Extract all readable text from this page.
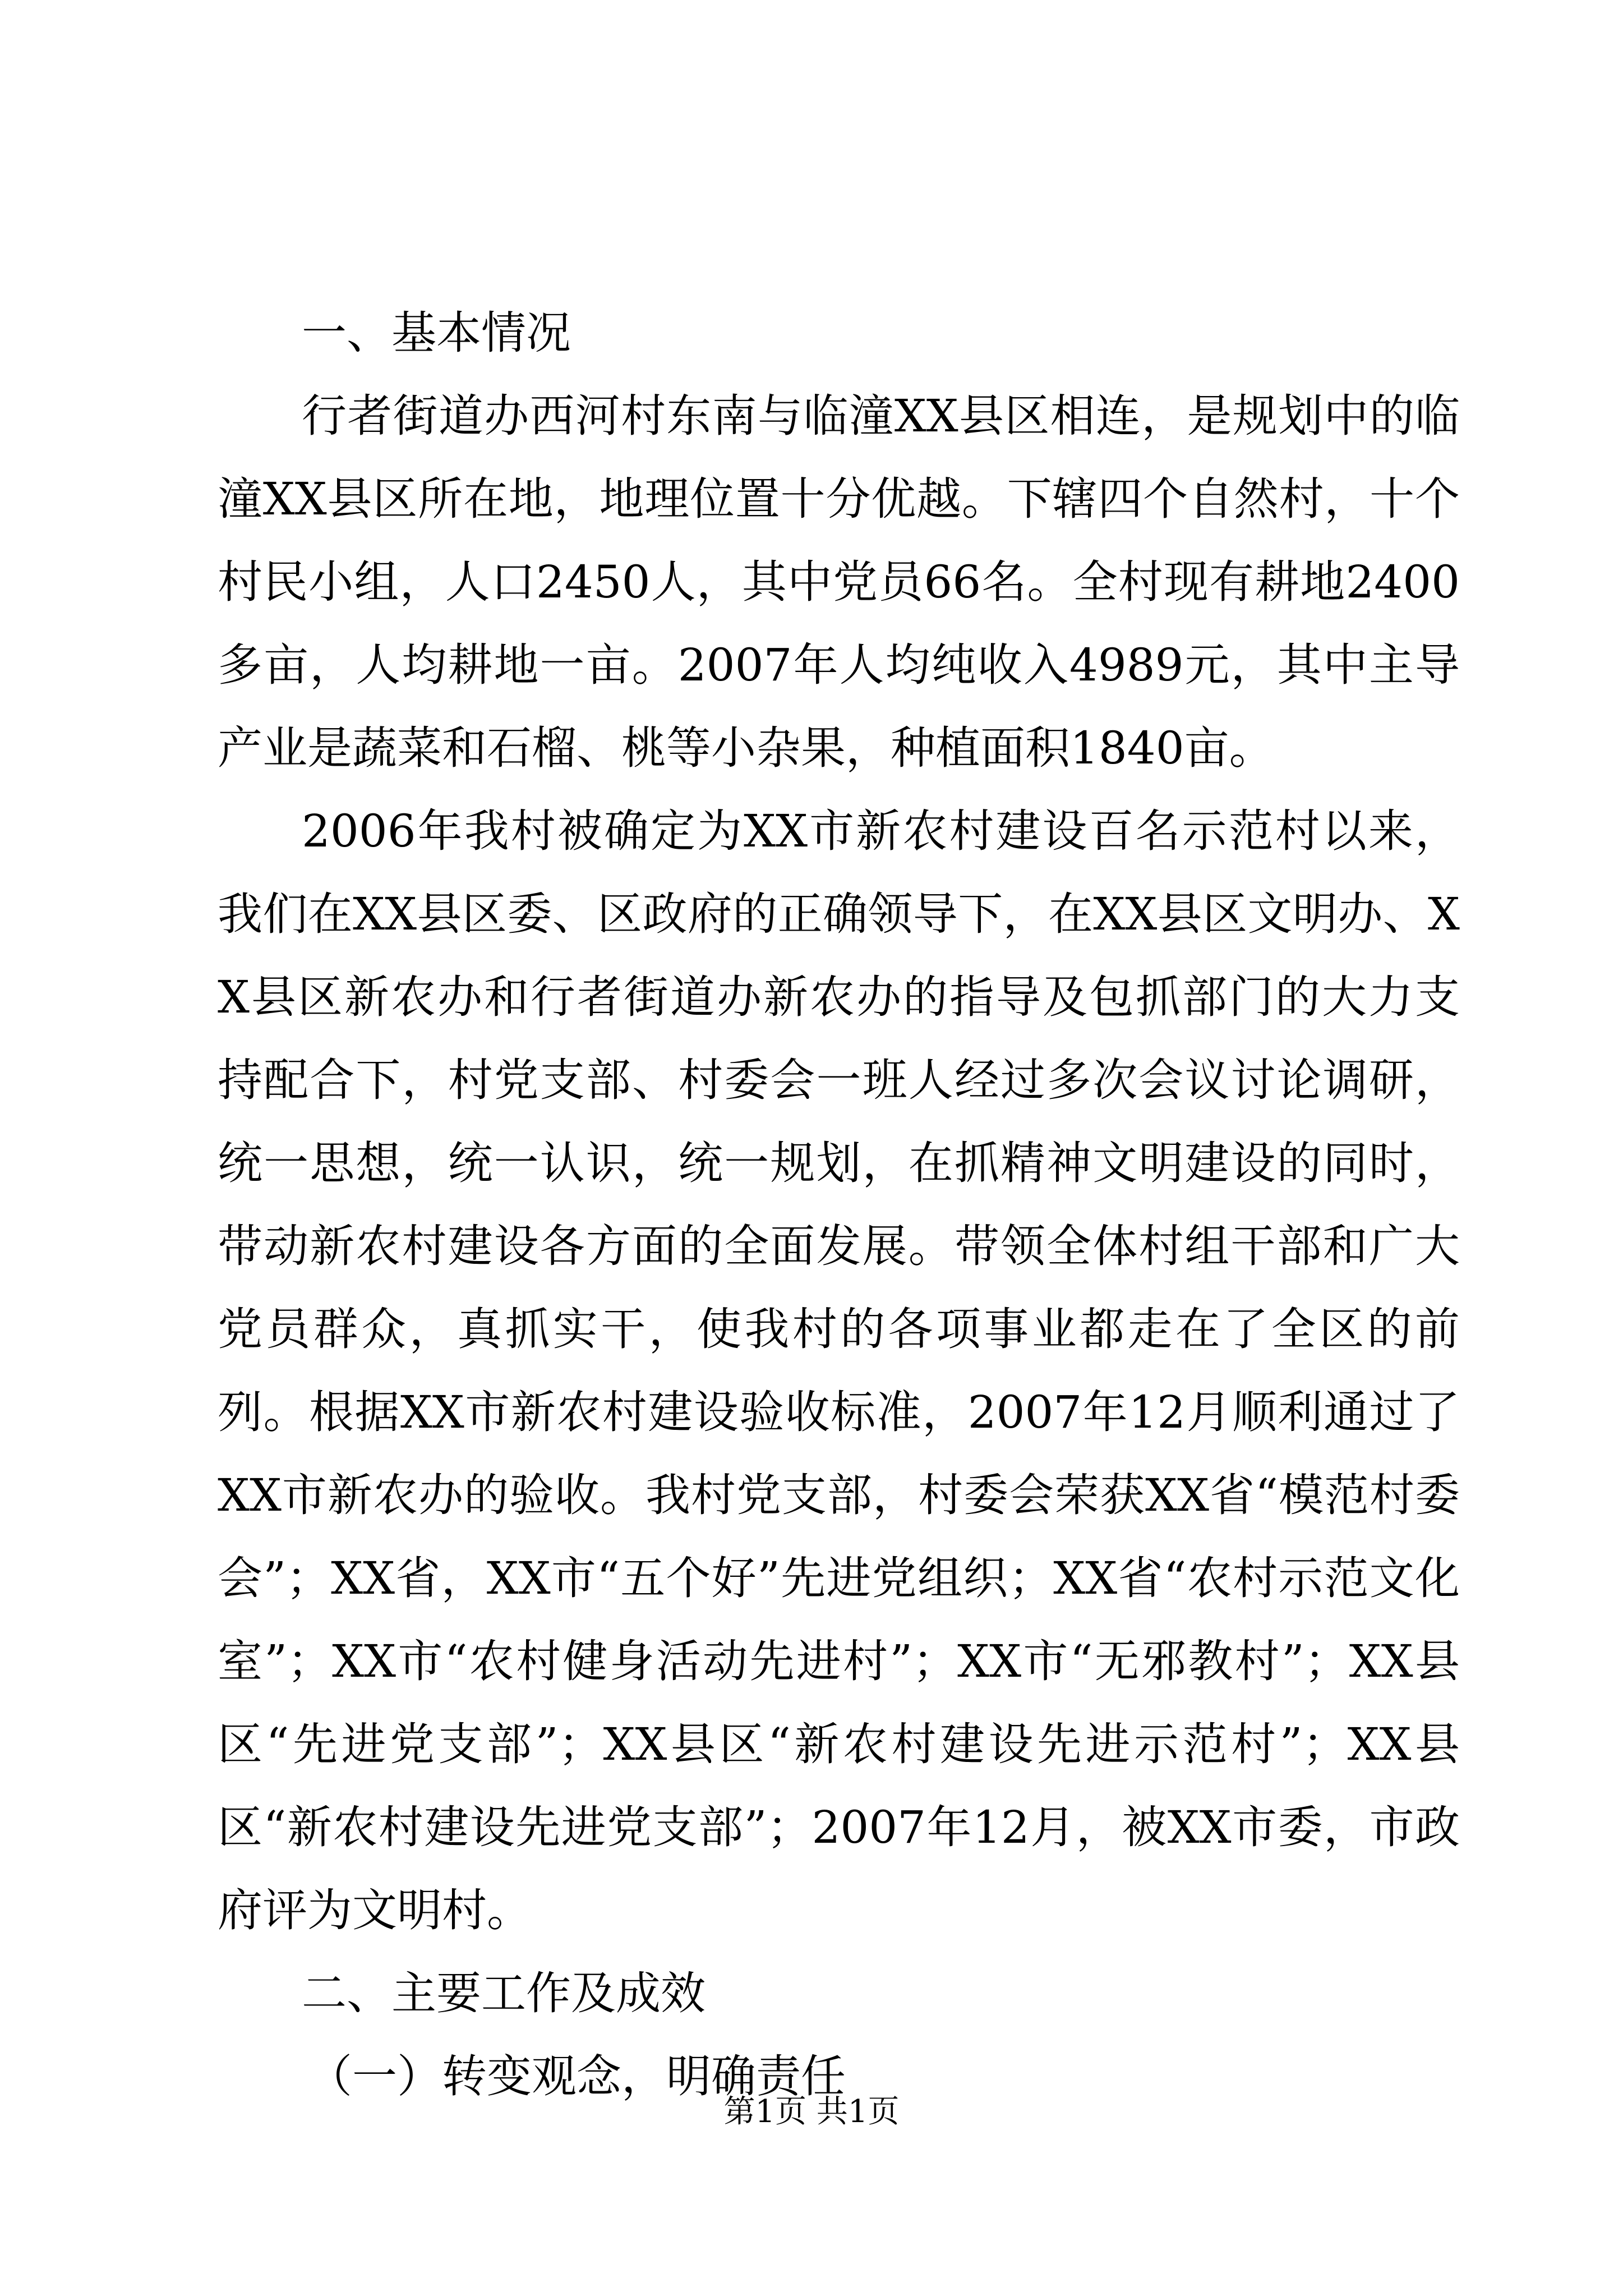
一、基本情况

行者街道办西河村东南与临潼XX县区相连，是规划中的临潼XX县区所在地，地理位置十分优越。下辖四个自然村，十个村民小组，人口2450人，其中党员66名。全村现有耕地2400多亩，人均耕地一亩。2007年人均纯收入4989元，其中主导产业是蔬菜和石榴、桃等小杂果，种植面积1840亩。

2006年我村被确定为XX市新农村建设百名示范村以来，我们在XX县区委、区政府的正确领导下，在XX县区文明办、XX县区新农办和行者街道办新农办的指导及包抓部门的大力支持配合下，村党支部、村委会一班人经过多次会议讨论调研，统一思想，统一认识，统一规划，在抓精神文明建设的同时，带动新农村建设各方面的全面发展。带领全体村组干部和广大党员群众，真抓实干，使我村的各项事业都走在了全区的前列。根据XX市新农村建设验收标准，2007年12月顺利通过了XX市新农办的验收。我村党支部，村委会荣获XX省“模范村委会”；XX省，XX市“五个好”先进党组织；XX省“农村示范文化室”；XX市“农村健身活动先进村”；XX市“无邪教村”；XX县区“先进党支部”；XX县区“新农村建设先进示范村”；XX县区“新农村建设先进党支部”；2007年12月，被XX市委，市政府评为文明村。

二、主要工作及成效

（一）转变观念，明确责任

第1页 共1页
